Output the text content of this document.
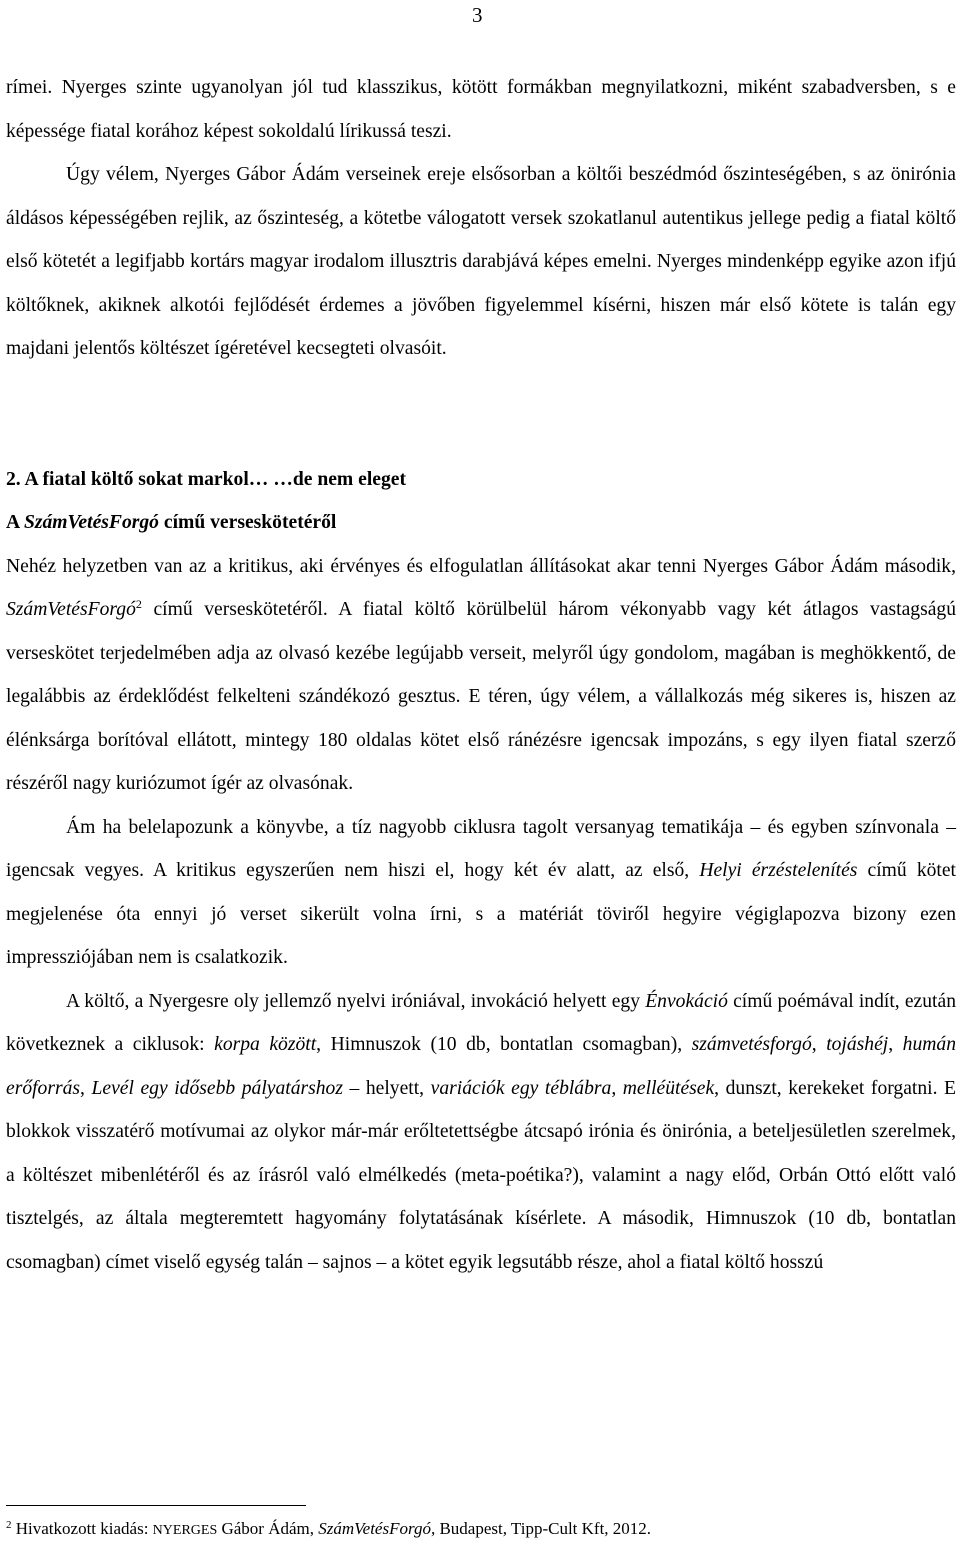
3

rímei. Nyerges szinte ugyanolyan jól tud klasszikus, kötött formákban megnyilatkozni, miként szabadversben, s e képessége fiatal korához képest sokoldalú lírikussá teszi.

Úgy vélem, Nyerges Gábor Ádám verseinek ereje elsősorban a költői beszédmód őszinteségében, s az önirónia áldásos képességében rejlik, az őszinteség, a kötetbe válogatott versek szokatlanul autentikus jellege pedig a fiatal költő első kötetét a legifjabb kortárs magyar irodalom illusztris darabjává képes emelni. Nyerges mindenképp egyike azon ifjú költőknek, akiknek alkotói fejlődését érdemes a jövőben figyelemmel kísérni, hiszen már első kötete is talán egy majdani jelentős költészet ígéretével kecsegteti olvasóit.

2. A fiatal költő sokat markol… …de nem eleget

A SzámVetésForgó című verseskötetéről

Nehéz helyzetben van az a kritikus, aki érvényes és elfogulatlan állításokat akar tenni Nyerges Gábor Ádám második, SzámVetésForgó$^2$ című verseskötetéről. A fiatal költő körülbelül három vékonyabb vagy két átlagos vastagságú verseskötet terjedelmében adja az olvasó kezébe legújabb verseit, melyről úgy gondolom, magában is meghökkentő, de legalábbis az érdeklődést felkelteni szándékozó gesztus. E téren, úgy vélem, a vállalkozás még sikeres is, hiszen az élénksárga borítóval ellátott, mintegy 180 oldalas kötet első ránézésre igencsak impozáns, s egy ilyen fiatal szerző részéről nagy kuriózumot ígér az olvasónak.

Ám ha belelapozunk a könyvbe, a tíz nagyobb ciklusra tagolt versanyag tematikája – és egyben színvonala – igencsak vegyes. A kritikus egyszerűen nem hiszi el, hogy két év alatt, az első, Helyi érzéstelenítés című kötet megjelenése óta ennyi jó verset sikerült volna írni, s a matériát töviről hegyire végiglapozva bizony ezen impressziójában nem is csalatkozik.

A költő, a Nyergesre oly jellemző nyelvi iróniával, invokáció helyett egy Énvokáció című poémával indít, ezután következnek a ciklusok: korpa között, Himnuszok (10 db, bontatlan csomagban), számvetésforgó, tojáshéj, humán erőforrás, Levél egy idősebb pályatárshoz – helyett, variációk egy téblábra, melléütések, dunszt, kerekeket forgatni. E blokkok visszatérő motívumai az olykor már-már erőltetettségbe átcsapó irónia és önirónia, a beteljesületlen szerelmek, a költészet mibenlétéről és az írásról való elmélkedés (meta-poétika?), valamint a nagy előd, Orbán Ottó előtt való tisztelgés, az általa megteremtett hagyomány folytatásának kísérlete. A második, Himnuszok (10 db, bontatlan csomagban) címet viselő egység talán – sajnos – a kötet egyik legsutább része, ahol a fiatal költő hosszú

$^2$ Hivatkozott kiadás: NYERGES Gábor Ádám, SzámVetésForgó, Budapest, Tipp-Cult Kft, 2012.
